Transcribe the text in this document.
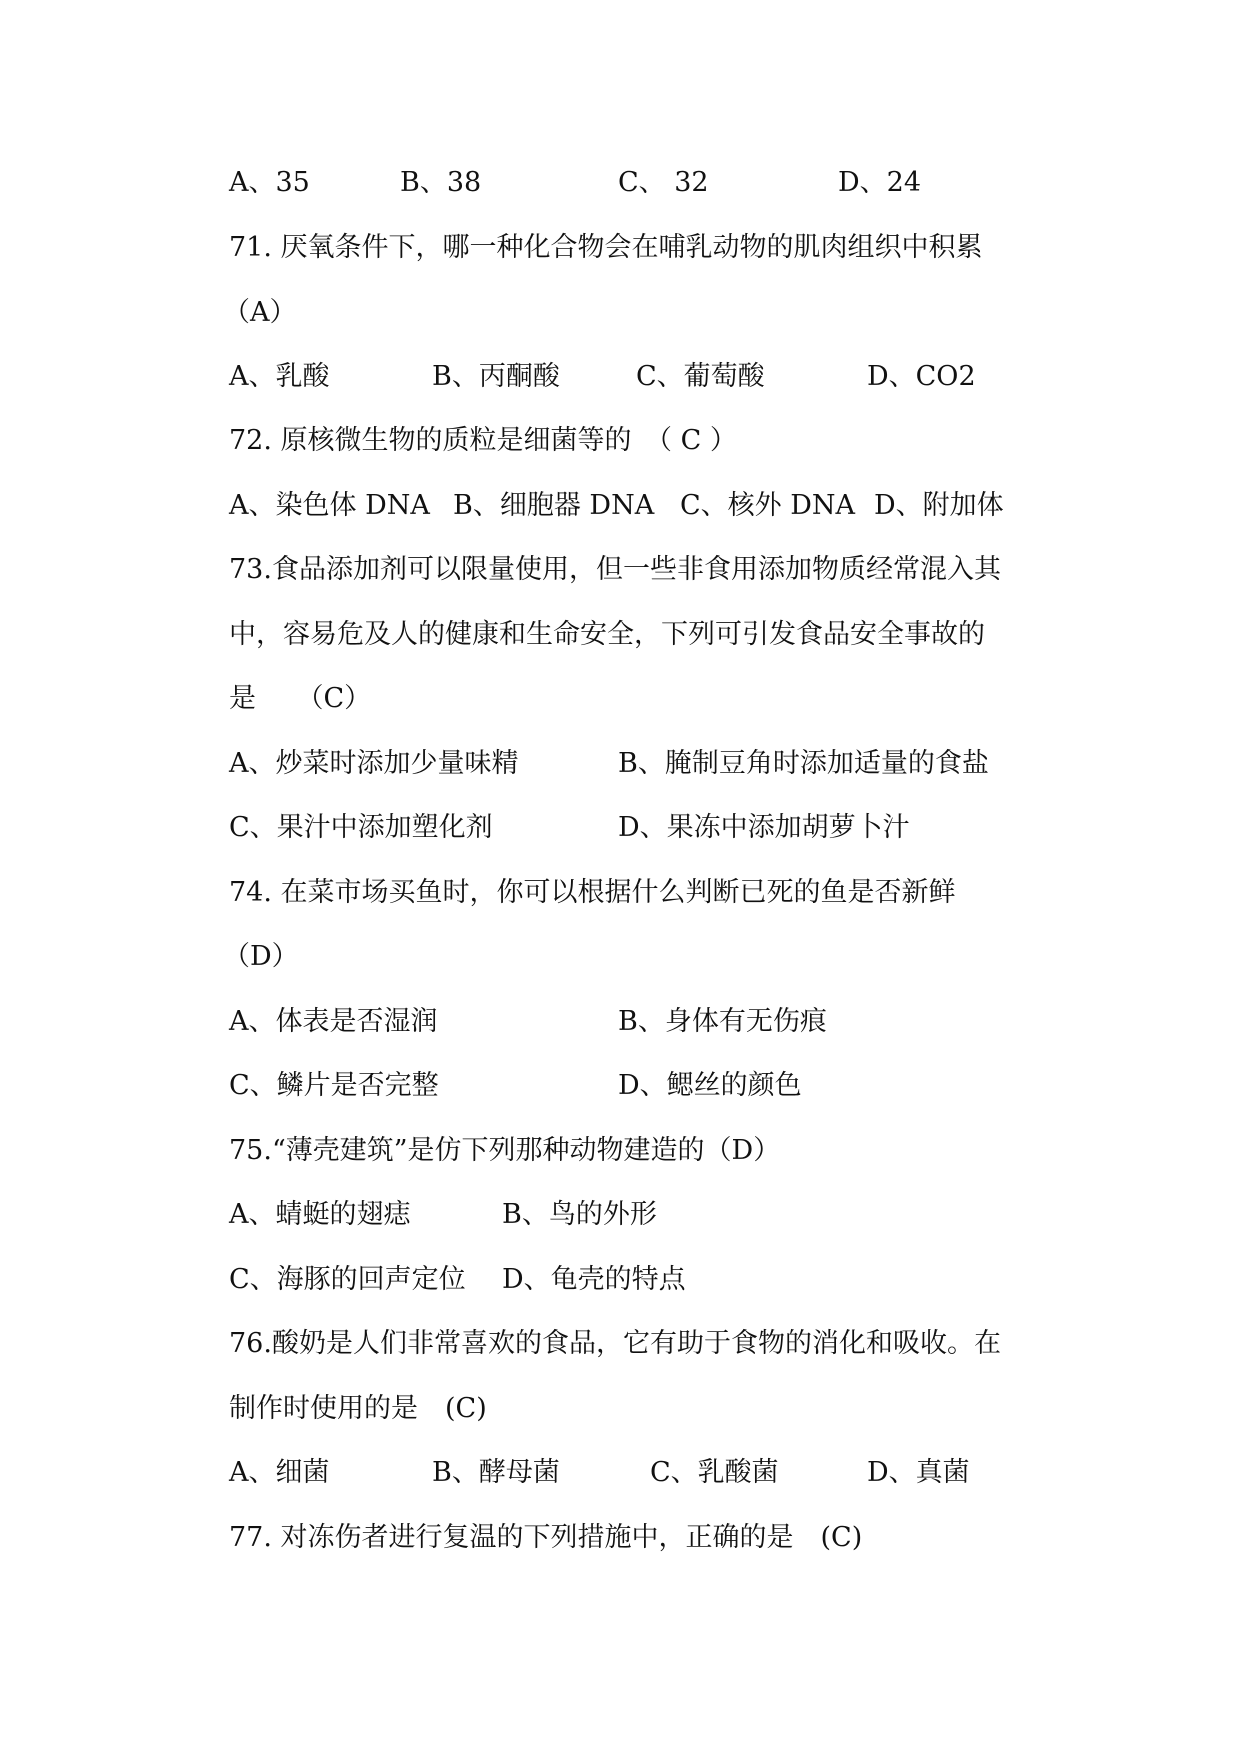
A、35	B、38	C、 32	D、24
71. 厌氧条件下，哪一种化合物会在哺乳动物的肌肉组织中积累
（A）
A、乳酸	B、丙酮酸	C、葡萄酸	D、CO2
72. 原核微生物的质粒是细菌等的　（ C ）
A、染色体 DNA B、细胞器 DNA C、核外 DNA D、附加体
73.食品添加剂可以限量使用，但一些非食用添加物质经常混入其
中，容易危及人的健康和生命安全，下列可引发食品安全事故的
是　　（C）
A、炒菜时添加少量味精	B、腌制豆角时添加适量的食盐
C、果汁中添加塑化剂	D、果冻中添加胡萝卜汁
74. 在菜市场买鱼时，你可以根据什么判断已死的鱼是否新鲜
（D）
A、体表是否湿润	B、身体有无伤痕
C、鳞片是否完整	D、鳃丝的颜色
75.“薄壳建筑”是仿下列那种动物建造的（D）
A、蜻蜓的翅痣	B、鸟的外形
C、海豚的回声定位 D、龟壳的特点
76.酸奶是人们非常喜欢的食品，它有助于食物的消化和吸收。在
制作时使用的是　(C)
A、细菌	B、酵母菌	C、乳酸菌	D、真菌
77. 对冻伤者进行复温的下列措施中，正确的是　(C)
